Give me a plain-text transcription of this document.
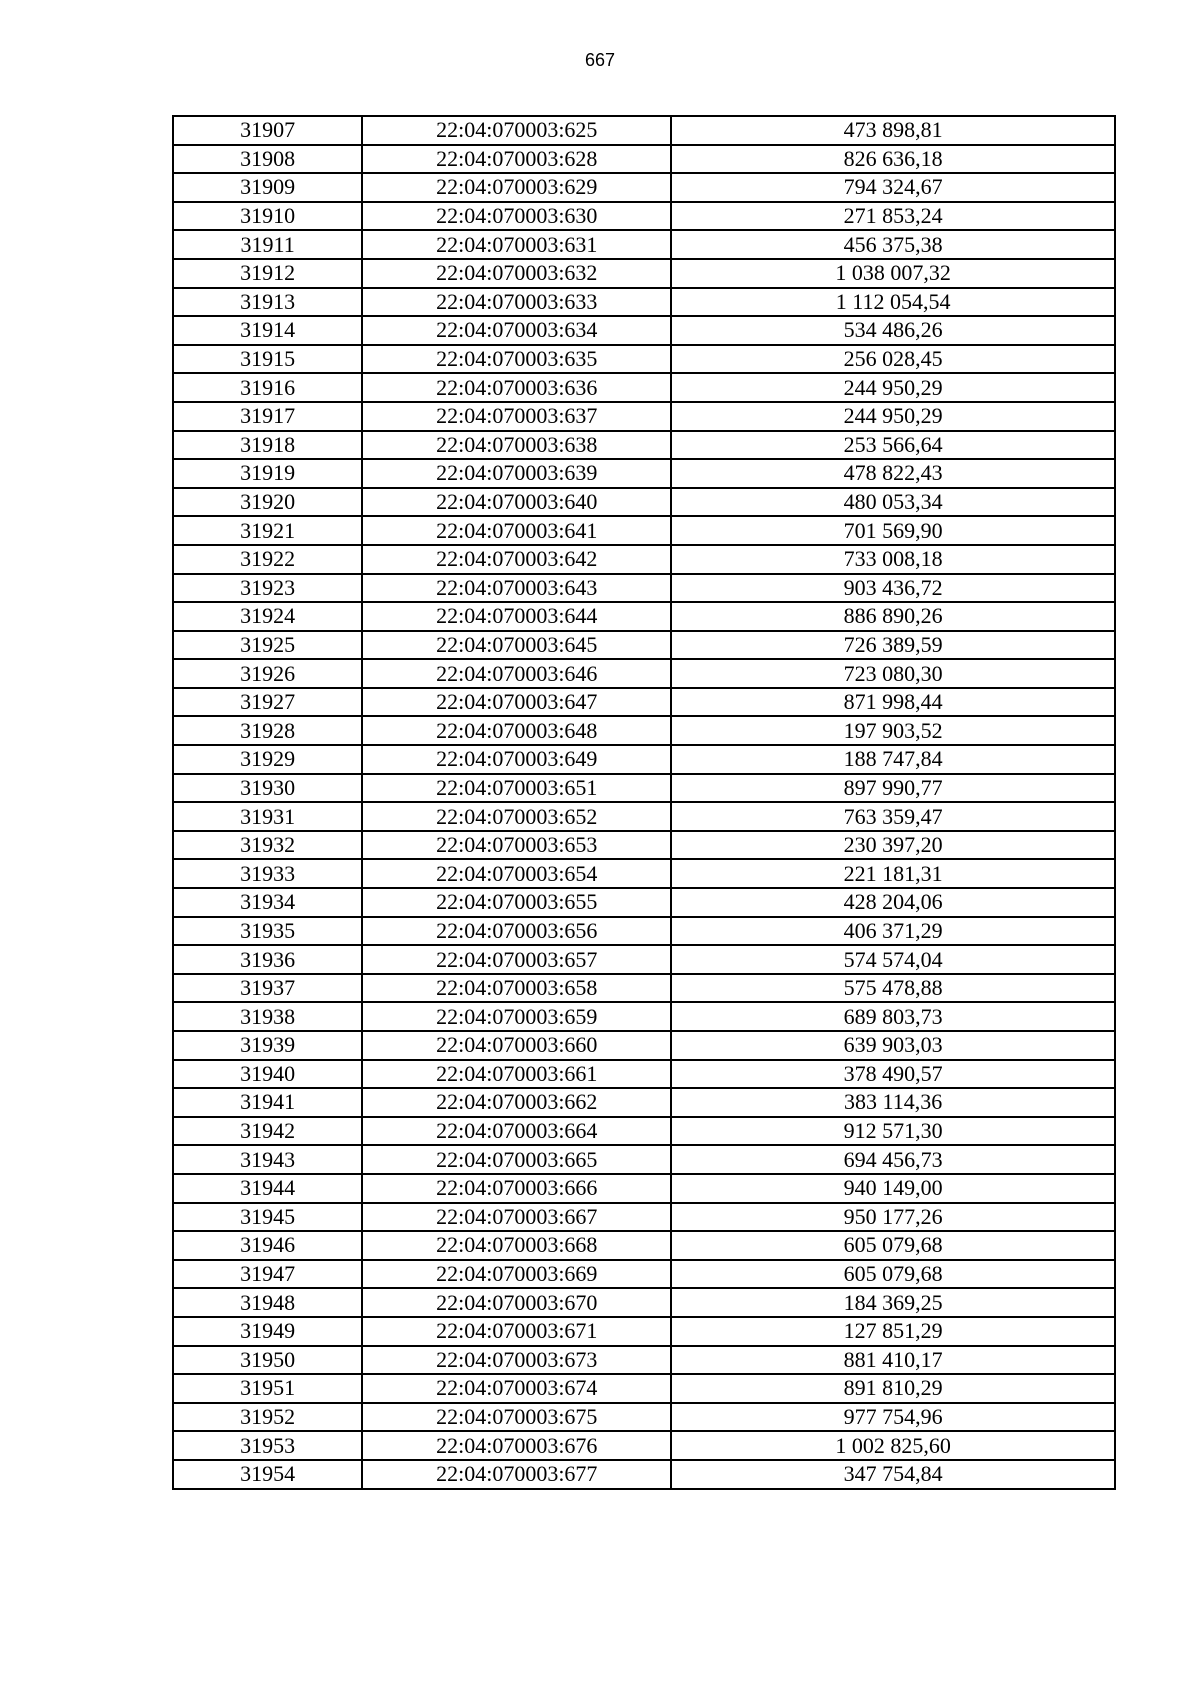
667
31907	22:04:070003:625	473 898,81
31908	22:04:070003:628	826 636,18
31909	22:04:070003:629	794 324,67
31910	22:04:070003:630	271 853,24
31911	22:04:070003:631	456 375,38
31912	22:04:070003:632	1 038 007,32
31913	22:04:070003:633	1 112 054,54
31914	22:04:070003:634	534 486,26
31915	22:04:070003:635	256 028,45
31916	22:04:070003:636	244 950,29
31917	22:04:070003:637	244 950,29
31918	22:04:070003:638	253 566,64
31919	22:04:070003:639	478 822,43
31920	22:04:070003:640	480 053,34
31921	22:04:070003:641	701 569,90
31922	22:04:070003:642	733 008,18
31923	22:04:070003:643	903 436,72
31924	22:04:070003:644	886 890,26
31925	22:04:070003:645	726 389,59
31926	22:04:070003:646	723 080,30
31927	22:04:070003:647	871 998,44
31928	22:04:070003:648	197 903,52
31929	22:04:070003:649	188 747,84
31930	22:04:070003:651	897 990,77
31931	22:04:070003:652	763 359,47
31932	22:04:070003:653	230 397,20
31933	22:04:070003:654	221 181,31
31934	22:04:070003:655	428 204,06
31935	22:04:070003:656	406 371,29
31936	22:04:070003:657	574 574,04
31937	22:04:070003:658	575 478,88
31938	22:04:070003:659	689 803,73
31939	22:04:070003:660	639 903,03
31940	22:04:070003:661	378 490,57
31941	22:04:070003:662	383 114,36
31942	22:04:070003:664	912 571,30
31943	22:04:070003:665	694 456,73
31944	22:04:070003:666	940 149,00
31945	22:04:070003:667	950 177,26
31946	22:04:070003:668	605 079,68
31947	22:04:070003:669	605 079,68
31948	22:04:070003:670	184 369,25
31949	22:04:070003:671	127 851,29
31950	22:04:070003:673	881 410,17
31951	22:04:070003:674	891 810,29
31952	22:04:070003:675	977 754,96
31953	22:04:070003:676	1 002 825,60
31954	22:04:070003:677	347 754,84
